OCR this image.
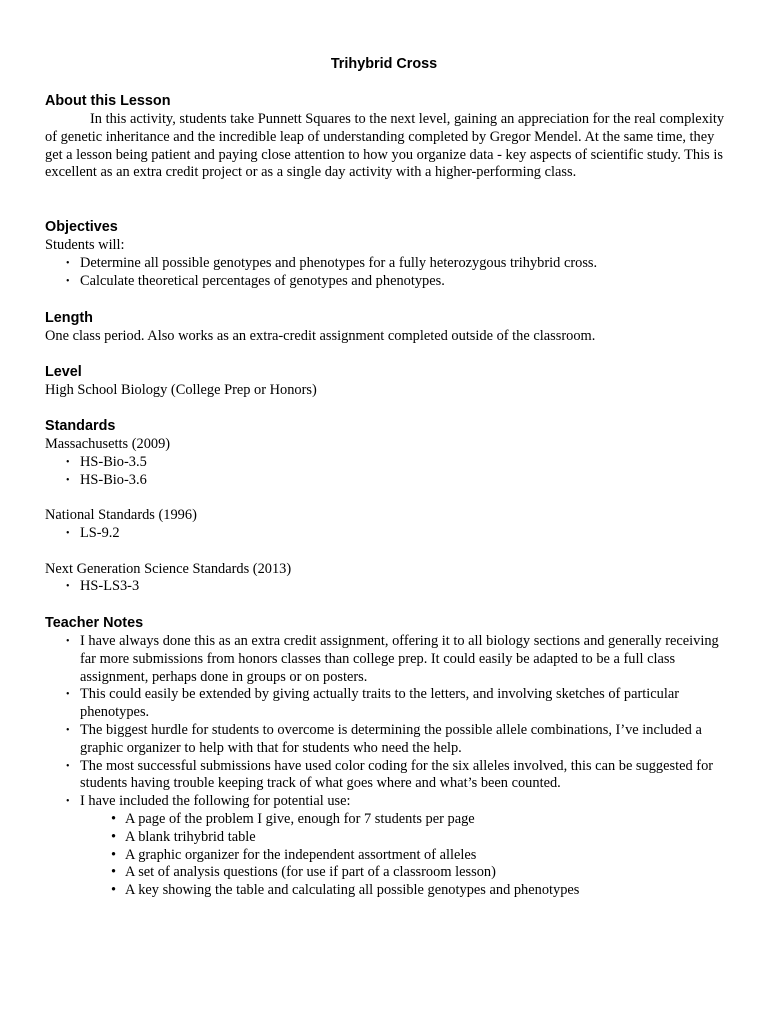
Trihybrid Cross
About this Lesson

In this activity, students take Punnett Squares to the next level, gaining an appreciation for the real complexity of genetic inheritance and the incredible leap of understanding completed by Gregor Mendel. At the same time, they get a lesson being patient and paying close attention to how you organize data - key aspects of scientific study. This is excellent as an extra credit project or as a single day activity with a higher-performing class.

Objectives

Students will:

• Determine all possible genotypes and phenotypes for a fully heterozygous trihybrid cross.
• Calculate theoretical percentages of genotypes and phenotypes.
Length

One class period. Also works as an extra-credit assignment completed outside of the classroom.

Level

High School Biology (College Prep or Honors)

Standards

Massachusetts (2009)

• HS-Bio-3.5
• HS-Bio-3.6

National Standards (1996)

• LS-9.2

Next Generation Science Standards (2013)

• HS-LS3-3
Teacher Notes
• I have always done this as an extra credit assignment, offering it to all biology sections and generally receiving far more submissions from honors classes than college prep. It could easily be adapted to be a full class assignment, perhaps done in groups or on posters.
• This could easily be extended by giving actually traits to the letters, and involving sketches of particular phenotypes.
• The biggest hurdle for students to overcome is determining the possible allele combinations, I’ve included a graphic organizer to help with that for students who need the help.
• The most successful submissions have used color coding for the six alleles involved, this can be suggested for students having trouble keeping track of what goes where and what’s been counted.
• I have included the following for potential use:
• A page of the problem I give, enough for 7 students per page
• A blank trihybrid table
• A graphic organizer for the independent assortment of alleles
• A set of analysis questions (for use if part of a classroom lesson)
• A key showing the table and calculating all possible genotypes and phenotypes
